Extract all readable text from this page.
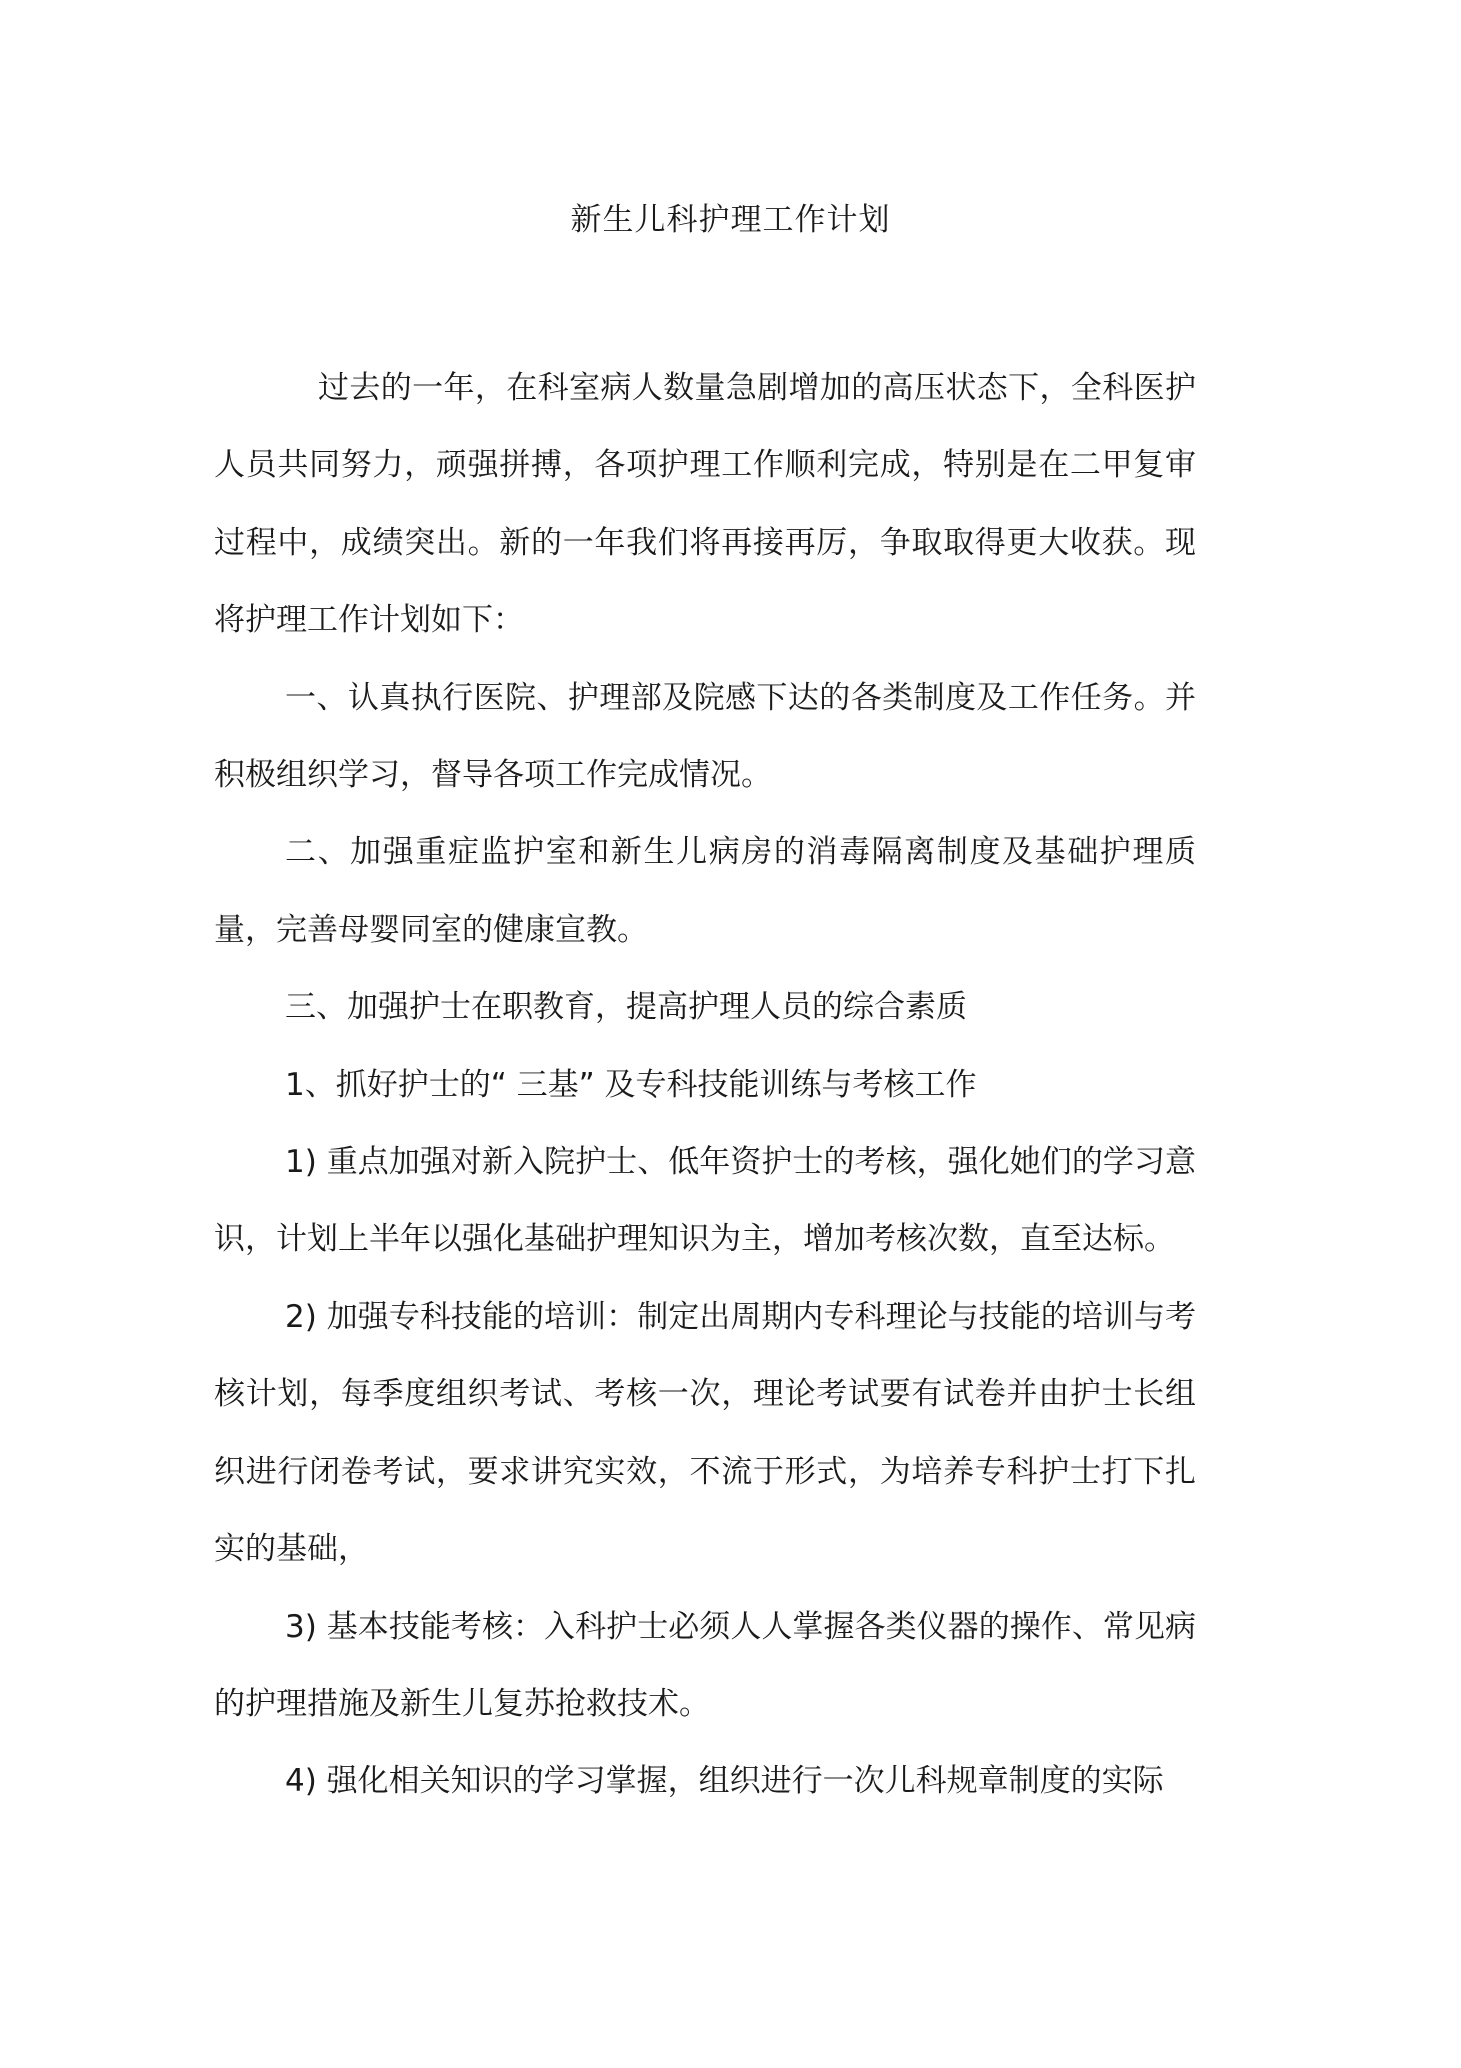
新生儿科护理工作计划

过去的一年，在科室病人数量急剧增加的高压状态下，全科医护人员共同努力，顽强拼搏，各项护理工作顺利完成，特别是在二甲复审过程中，成绩突出。新的一年我们将再接再厉，争取取得更大收获。现将护理工作计划如下：

一、认真执行医院、护理部及院感下达的各类制度及工作任务。并积极组织学习，督导各项工作完成情况。

二、加强重症监护室和新生儿病房的消毒隔离制度及基础护理质量，完善母婴同室的健康宣教。

三、加强护士在职教育，提高护理人员的综合素质

1、抓好护士的“ 三基” 及专科技能训练与考核工作

1) 重点加强对新入院护士、低年资护士的考核，强化她们的学习意识，计划上半年以强化基础护理知识为主，增加考核次数，直至达标。

2) 加强专科技能的培训：制定出周期内专科理论与技能的培训与考核计划，每季度组织考试、考核一次，理论考试要有试卷并由护士长组织进行闭卷考试，要求讲究实效，不流于形式，为培养专科护士打下扎实的基础，

3) 基本技能考核：入科护士必须人人掌握各类仪器的操作、常见病的护理措施及新生儿复苏抢救技术。

4) 强化相关知识的学习掌握，组织进行一次儿科规章制度的实际
